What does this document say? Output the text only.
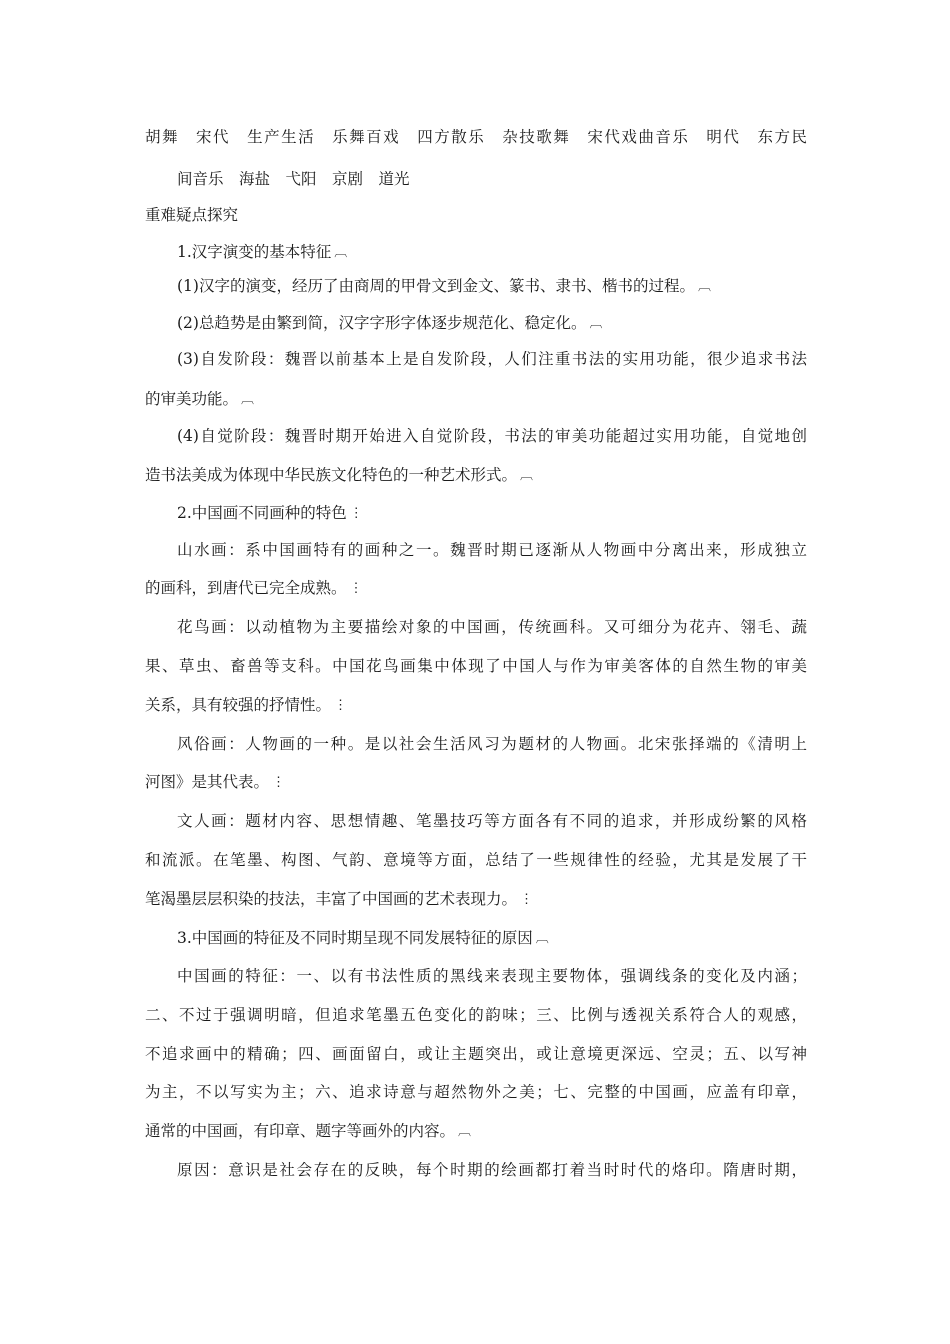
胡舞　宋代　生产生活　乐舞百戏　四方散乐　杂技歌舞　宋代戏曲音乐　明代　东方民
间音乐　海盐　弋阳　京剧　道光
重难疑点探究
1.汉字演变的基本特征 ︹
(1)汉字的演变，经历了由商周的甲骨文到金文、篆书、隶书、楷书的过程。 ︹
(2)总趋势是由繁到简，汉字字形字体逐步规范化、稳定化。 ︹
(3)自发阶段：魏晋以前基本上是自发阶段，人们注重书法的实用功能，很少追求书法
的审美功能。 ︹
(4)自觉阶段：魏晋时期开始进入自觉阶段，书法的审美功能超过实用功能，自觉地创
造书法美成为体现中华民族文化特色的一种艺术形式。 ︹
2.中国画不同画种的特色 ⋮
山水画：系中国画特有的画种之一。魏晋时期已逐渐从人物画中分离出来，形成独立
的画科，到唐代已完全成熟。 ⋮
花鸟画：以动植物为主要描绘对象的中国画，传统画科。又可细分为花卉、翎毛、蔬
果、草虫、畜兽等支科。中国花鸟画集中体现了中国人与作为审美客体的自然生物的审美
关系，具有较强的抒情性。 ⋮
风俗画：人物画的一种。是以社会生活风习为题材的人物画。北宋张择端的《清明上
河图》是其代表。 ⋮
文人画：题材内容、思想情趣、笔墨技巧等方面各有不同的追求，并形成纷繁的风格
和流派。在笔墨、构图、气韵、意境等方面，总结了一些规律性的经验，尤其是发展了干
笔渴墨层层积染的技法，丰富了中国画的艺术表现力。 ⋮
3.中国画的特征及不同时期呈现不同发展特征的原因 ︹
中国画的特征：一、以有书法性质的黑线来表现主要物体，强调线条的变化及内涵；
二、不过于强调明暗，但追求笔墨五色变化的韵味；三、比例与透视关系符合人的观感，
不追求画中的精确；四、画面留白，或让主题突出，或让意境更深远、空灵；五、以写神
为主，不以写实为主；六、追求诗意与超然物外之美；七、完整的中国画，应盖有印章，
通常的中国画，有印章、题字等画外的内容。 ︹
原因：意识是社会存在的反映，每个时期的绘画都打着当时时代的烙印。隋唐时期，
